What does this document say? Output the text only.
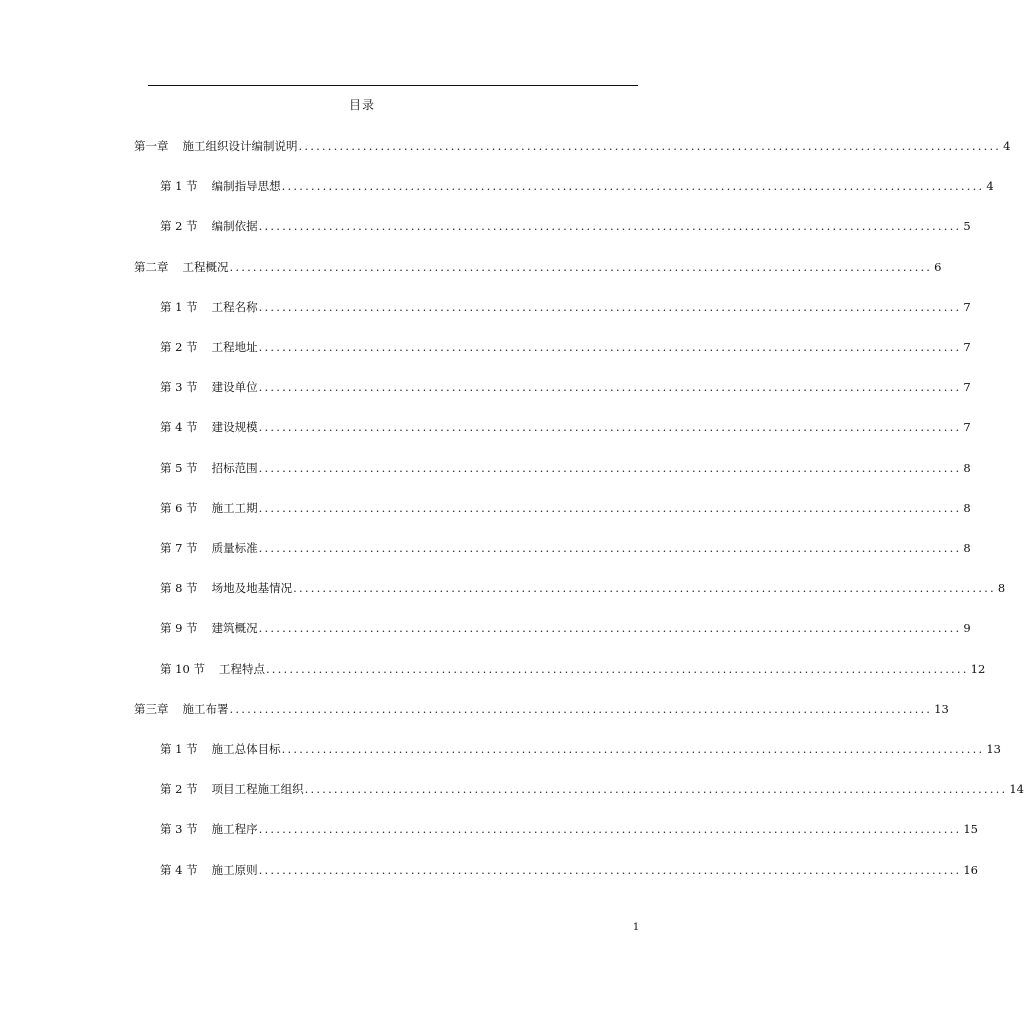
目录
第一章 施工组织设计编制说明 ........................................................................................................................ 4
第 1 节 编制指导思想 ........................................................................................................................ 4
第 2 节 编制依据 ........................................................................................................................ 5
第二章 工程概况 ........................................................................................................................ 6
第 1 节 工程名称 ........................................................................................................................ 7
第 2 节 工程地址 ........................................................................................................................ 7
第 3 节 建设单位 ........................................................................................................................ 7
第 4 节 建设规模 ........................................................................................................................ 7
第 5 节 招标范围 ........................................................................................................................ 8
第 6 节 施工工期 ........................................................................................................................ 8
第 7 节 质量标准 ........................................................................................................................ 8
第 8 节 场地及地基情况 ........................................................................................................................ 8
第 9 节 建筑概况 ........................................................................................................................ 9
第 10 节 工程特点 ........................................................................................................................ 12
第三章 施工布署 ........................................................................................................................ 13
第 1 节 施工总体目标 ........................................................................................................................ 13
第 2 节 项目工程施工组织 ........................................................................................................................ 14
第 3 节 施工程序 ........................................................................................................................ 15
第 4 节 施工原则 ........................................................................................................................ 16
1
